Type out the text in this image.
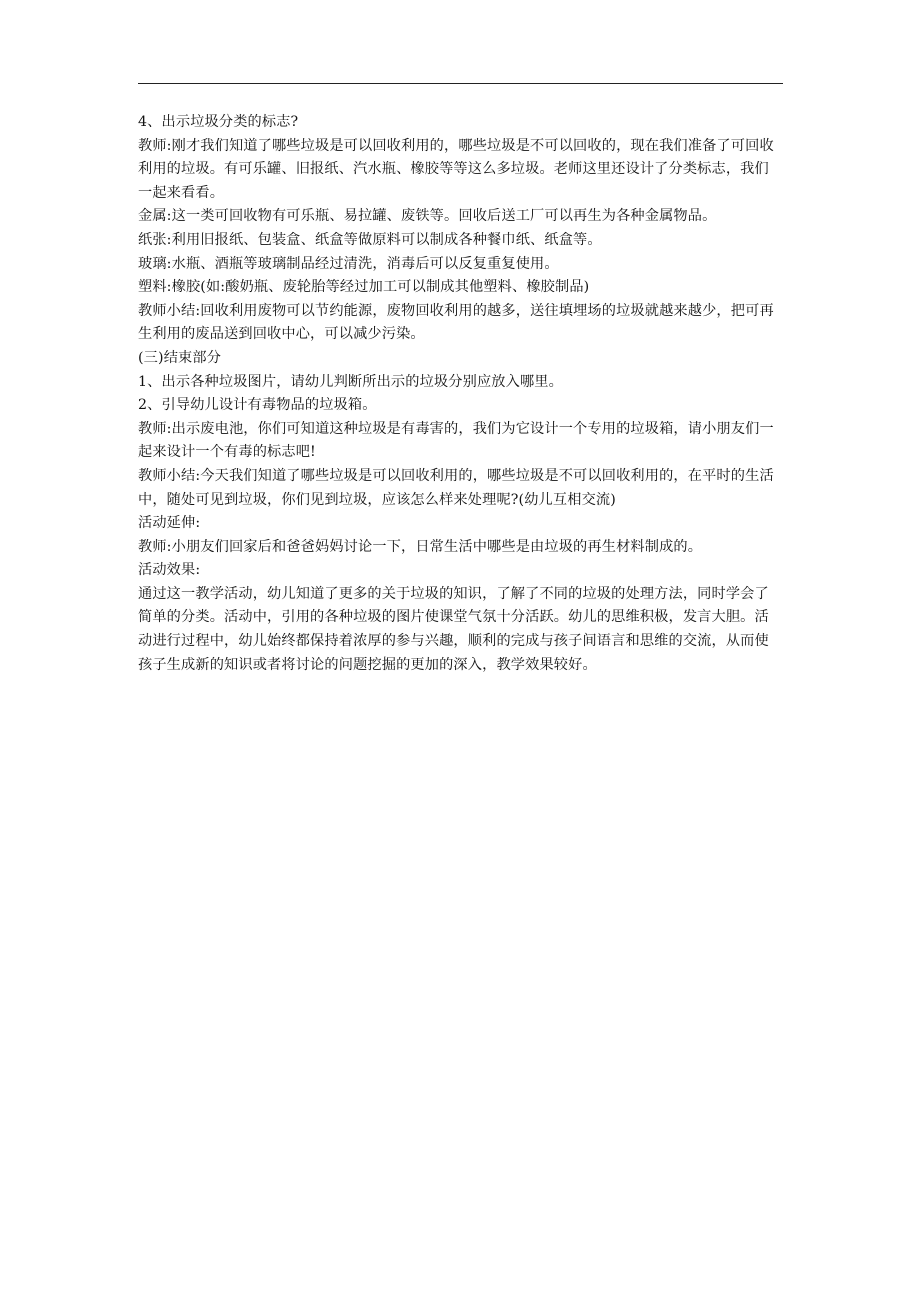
4、出示垃圾分类的标志?

教师:刚才我们知道了哪些垃圾是可以回收利用的，哪些垃圾是不可以回收的，现在我们准备了可回收利用的垃圾。有可乐罐、旧报纸、汽水瓶、橡胶等等这么多垃圾。老师这里还设计了分类标志，我们一起来看看。

金属:这一类可回收物有可乐瓶、易拉罐、废铁等。回收后送工厂可以再生为各种金属物品。

纸张:利用旧报纸、包装盒、纸盒等做原料可以制成各种餐巾纸、纸盒等。

玻璃:水瓶、酒瓶等玻璃制品经过清洗，消毒后可以反复重复使用。

塑料:橡胶(如:酸奶瓶、废轮胎等经过加工可以制成其他塑料、橡胶制品)

教师小结:回收利用废物可以节约能源，废物回收利用的越多，送往填埋场的垃圾就越来越少，把可再生利用的废品送到回收中心，可以减少污染。

(三)结束部分

1、出示各种垃圾图片，请幼儿判断所出示的垃圾分别应放入哪里。

2、引导幼儿设计有毒物品的垃圾箱。

教师:出示废电池，你们可知道这种垃圾是有毒害的，我们为它设计一个专用的垃圾箱，请小朋友们一起来设计一个有毒的标志吧!

教师小结:今天我们知道了哪些垃圾是可以回收利用的，哪些垃圾是不可以回收利用的，在平时的生活中，随处可见到垃圾，你们见到垃圾，应该怎么样来处理呢?(幼儿互相交流)

活动延伸:

教师:小朋友们回家后和爸爸妈妈讨论一下，日常生活中哪些是由垃圾的再生材料制成的。

活动效果:

通过这一教学活动，幼儿知道了更多的关于垃圾的知识，了解了不同的垃圾的处理方法，同时学会了简单的分类。活动中，引用的各种垃圾的图片使课堂气氛十分活跃。幼儿的思维积极，发言大胆。活动进行过程中，幼儿始终都保持着浓厚的参与兴趣，顺利的完成与孩子间语言和思维的交流，从而使孩子生成新的知识或者将讨论的问题挖掘的更加的深入，教学效果较好。
